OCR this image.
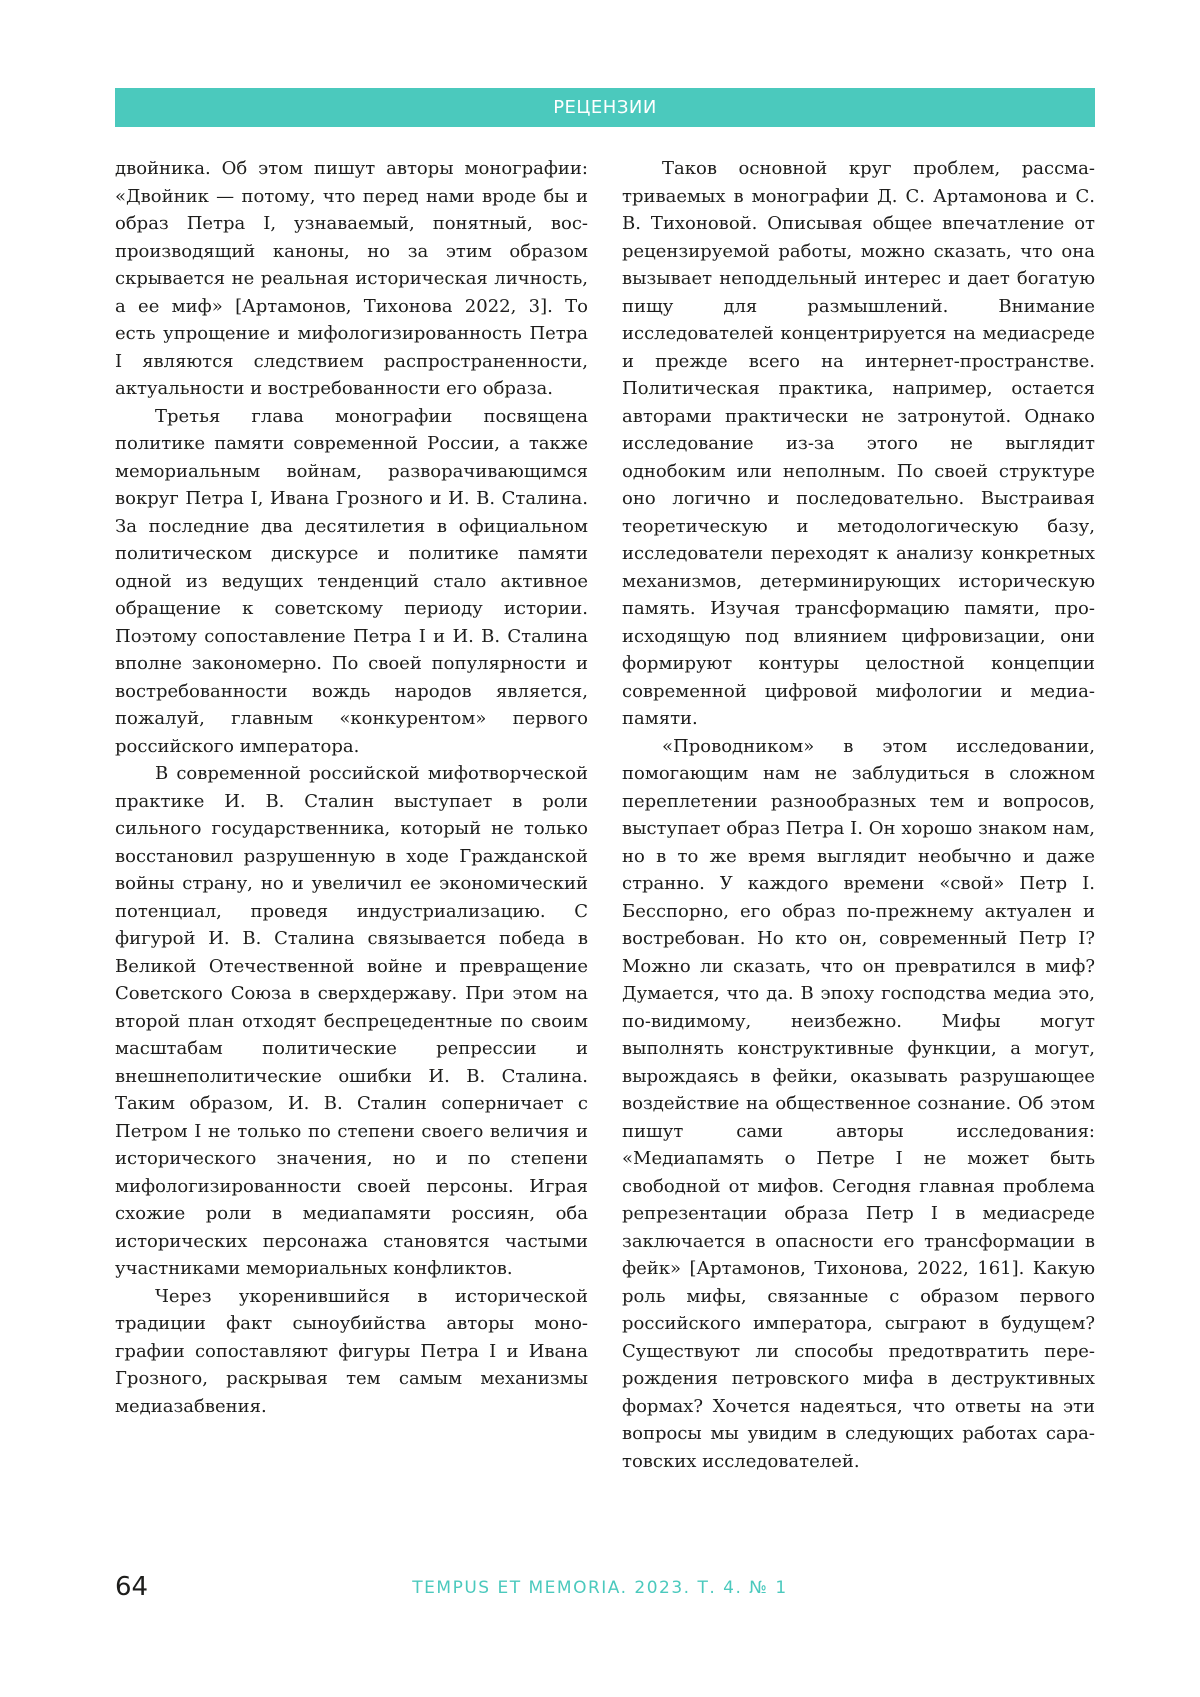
РЕЦЕНЗИИ

двойника. Об этом пишут авторы монографии: «Двойник — потому, что перед нами вроде бы и образ Петра I, узнаваемый, понятный, воспроизводящий каноны, но за этим образом скрывается не реальная историческая личность, а ее миф» [Артамонов, Тихонова 2022, 3]. То есть упрощение и мифологизированность Петра I являются следствием распространенности, актуальности и востребованности его образа.

Третья глава монографии посвящена политике памяти современной России, а также мемориальным войнам, разворачивающимся вокруг Петра I, Ивана Грозного и И. В. Сталина. За последние два десятилетия в официальном политическом дискурсе и политике памяти одной из ведущих тенденций стало активное обращение к советскому периоду истории. Поэтому сопоставление Петра I и И. В. Сталина вполне закономерно. По своей популярности и востребованности вождь народов является, пожалуй, главным «конкурентом» первого российского императора.

В современной российской мифотворческой практике И. В. Сталин выступает в роли сильного государственника, который не только восстановил разрушенную в ходе Гражданской войны страну, но и увеличил ее экономический потенциал, проведя индустриализацию. С фигурой И. В. Сталина связывается победа в Великой Отечественной войне и превращение Советского Союза в сверхдержаву. При этом на второй план отходят беспрецедентные по своим масштабам политические репрессии и внешнеполитические ошибки И. В. Сталина. Таким образом, И. В. Сталин соперничает с Петром I не только по степени своего величия и исторического значения, но и по степени мифологизированности своей персоны. Играя схожие роли в медиапамяти россиян, оба исторических персонажа становятся частыми участниками мемориальных конфликтов.

Через укоренившийся в исторической традиции факт сыноубийства авторы монографии сопоставляют фигуры Петра I и Ивана Грозного, раскрывая тем самым механизмы медиазабвения.

Таков основной круг проблем, рассматриваемых в монографии Д. С. Артамонова и С. В. Тихоновой. Описывая общее впечатление от рецензируемой работы, можно сказать, что она вызывает неподдельный интерес и дает богатую пищу для размышлений. Внимание исследователей концентрируется на медиасреде и прежде всего на интернет-пространстве. Политическая практика, например, остается авторами практически не затронутой. Однако исследование из-за этого не выглядит однобоким или неполным. По своей структуре оно логично и последовательно. Выстраивая теоретическую и методологическую базу, исследователи переходят к анализу конкретных механизмов, детерминирующих историческую память. Изучая трансформацию памяти, происходящую под влиянием цифровизации, они формируют контуры целостной концепции современной цифровой мифологии и медиапамяти.

«Проводником» в этом исследовании, помогающим нам не заблудиться в сложном переплетении разнообразных тем и вопросов, выступает образ Петра I. Он хорошо знаком нам, но в то же время выглядит необычно и даже странно. У каждого времени «свой» Петр I. Бесспорно, его образ по-прежнему актуален и востребован. Но кто он, современный Петр I? Можно ли сказать, что он превратился в миф? Думается, что да. В эпоху господства медиа это, по-видимому, неизбежно. Мифы могут выполнять конструктивные функции, а могут, вырождаясь в фейки, оказывать разрушающее воздействие на общественное сознание. Об этом пишут сами авторы исследования: «Медиапамять о Петре I не может быть свободной от мифов. Сегодня главная проблема репрезентации образа Петр I в медиасреде заключается в опасности его трансформации в фейк» [Артамонов, Тихонова, 2022, 161]. Какую роль мифы, связанные с образом первого российского императора, сыграют в будущем? Существуют ли способы предотвратить перерождения петровского мифа в деструктивных формах? Хочется надеяться, что ответы на эти вопросы мы увидим в следующих работах саратовских исследователей.

64	TEMPUS ET MEMORIA. 2023. Т. 4. № 1
